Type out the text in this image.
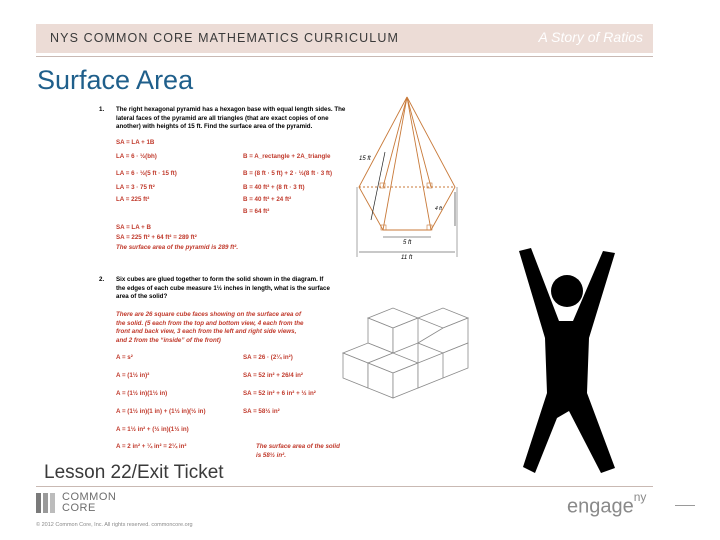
NYS COMMON CORE MATHEMATICS CURRICULUM	A Story of Ratios
Surface Area
1. The right hexagonal pyramid has a hexagon base with equal length sides. The lateral faces of the pyramid are all triangles (that are exact copies of one another) with heights of 15 ft. Find the surface area of the pyramid.
SA = LA + 1B
LA = 6 · ½(bh)	B = A_rectangle + 2A_triangle
LA = 6 · ½(5 ft · 15 ft)	B = (8 ft · 5 ft) + 2 · ½(8 ft · 3 ft)
LA = 3 · 75 ft²	B = 40 ft² + (8 ft · 3 ft)
LA = 225 ft²	B = 40 ft² + 24 ft²
B = 64 ft²
SA = LA + B
SA = 225 ft² + 64 ft² = 289 ft²
The surface area of the pyramid is 289 ft².
2. Six cubes are glued together to form the solid shown in the diagram. If the edges of each cube measure 1½ inches in length, what is the surface area of the solid?
There are 26 square cube faces showing on the surface area of the solid. (5 each from the top and bottom view, 4 each from the front and back view, 3 each from the left and right side views, and 2 from the “inside” of the front)
A = s²	SA = 26 · (2¼ in²)
A = (1½ in)²	SA = 52 in² + 26/4 in²
A = (1½ in)(1½ in)	SA = 52 in² + 6 in² + ½ in²
A = (1½ in)(1 in) + (1½ in)(½ in)	SA = 58½ in²
A = 1½ in² + (½ in)(1½ in)
A = 2 in² + ¼ in² = 2¼ in²	The surface area of the solid is 58½ in².
15 ft
4 ft
5 ft
11 ft
Lesson 22/Exit Ticket
COMMON
CORE
© 2012 Common Core, Inc. All rights reserved. commoncore.org
engage$^{ny}$
